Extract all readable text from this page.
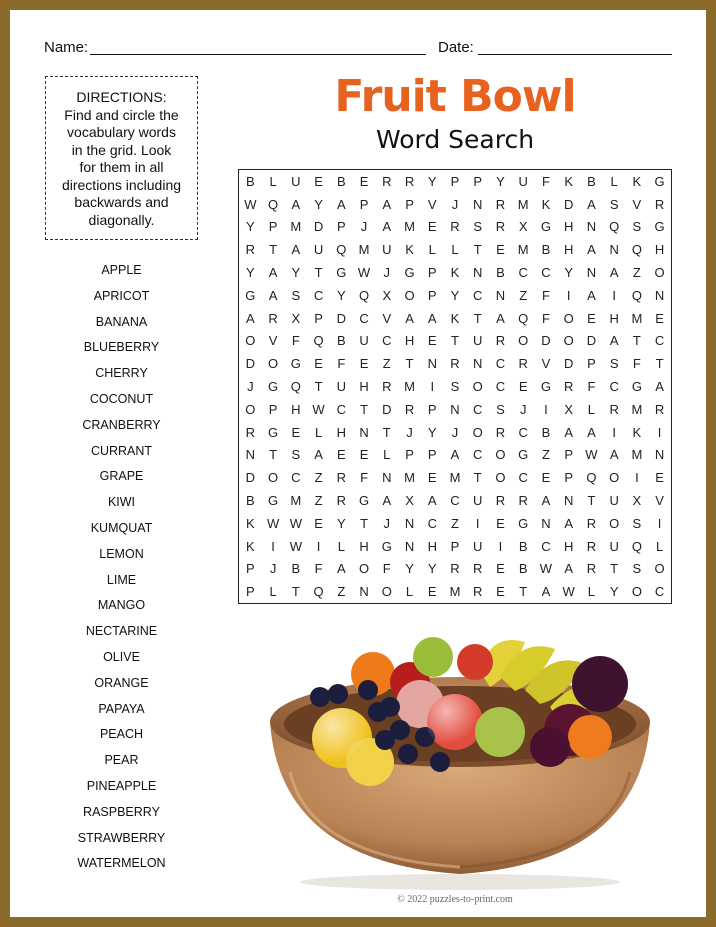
Name:	Date:
DIRECTIONS:
Find and circle the
vocabulary words
in the grid. Look
for them in all
directions including
backwards and
diagonally.
APPLE
APRICOT
BANANA
BLUEBERRY
CHERRY
COCONUT
CRANBERRY
CURRANT
GRAPE
KIWI
KUMQUAT
LEMON
LIME
MANGO
NECTARINE
OLIVE
ORANGE
PAPAYA
PEACH
PEAR
PINEAPPLE
RASPBERRY
STRAWBERRY
WATERMELON
Fruit Bowl
Word Search
B	L	U	E	B	E	R	R	Y	P	P	Y	U	F	K	B	L	K	G
W Q	A	Y	A	P	A	P	V	J	N	R M K	D	A	S	V	R
Y	P M D	P	J	A M E	R	S	R	X	G H	N Q	S	G
R	T	A	U Q M U	K	L	L	T	E M B	H	A	N Q H
Y	A	Y	T	G W	J	G	P	K	N	B	C	C	Y	N	A	Z	O
G	A	S	C	Y	Q	X	O	P	Y	C	N	Z	F	I	A	I	Q N
A	R	X	P	D	C	V	A	A	K	T	A	Q	F	O	E	H M E
O	V	F	Q	B	U	C	H	E	T	U	R O D O D	A	T	C
D O G	E	F	E	Z	T	N	R	N	C	R	V	D	P	S	F	T
J	G Q	T	U	H	R M	I	S	O C	E	G R	F	C G	A
O	P	H W C	T	D	R	P	N	C	S	J	I	X	L	R M R
R G	E	L	H	N	T	J	Y	J	O R	C	B	A	A	I	K	I
N	T	S	A	E	E	L	P	P	A	C O G	Z	P W A M N
D O C	Z	R	F	N M E M	T	O C	E	P	Q O	I	E
B	G M	Z	R G	A	X	A	C	U	R	R	A	N	T	U	X	V
K W W E	Y	T	J	N	C	Z	I	E	G N	A	R O	S	I
K	I	W	I	L	H G N	H	P	U	I	B	C	H	R	U Q	L
P	J	B	F	A	O	F	Y	Y	R	R	E	B W A	R	T	S	O
P	L	T	Q	Z	N O	L	E M R	E	T	A W L	Y	O C
© 2022 puzzles-to-print.com
